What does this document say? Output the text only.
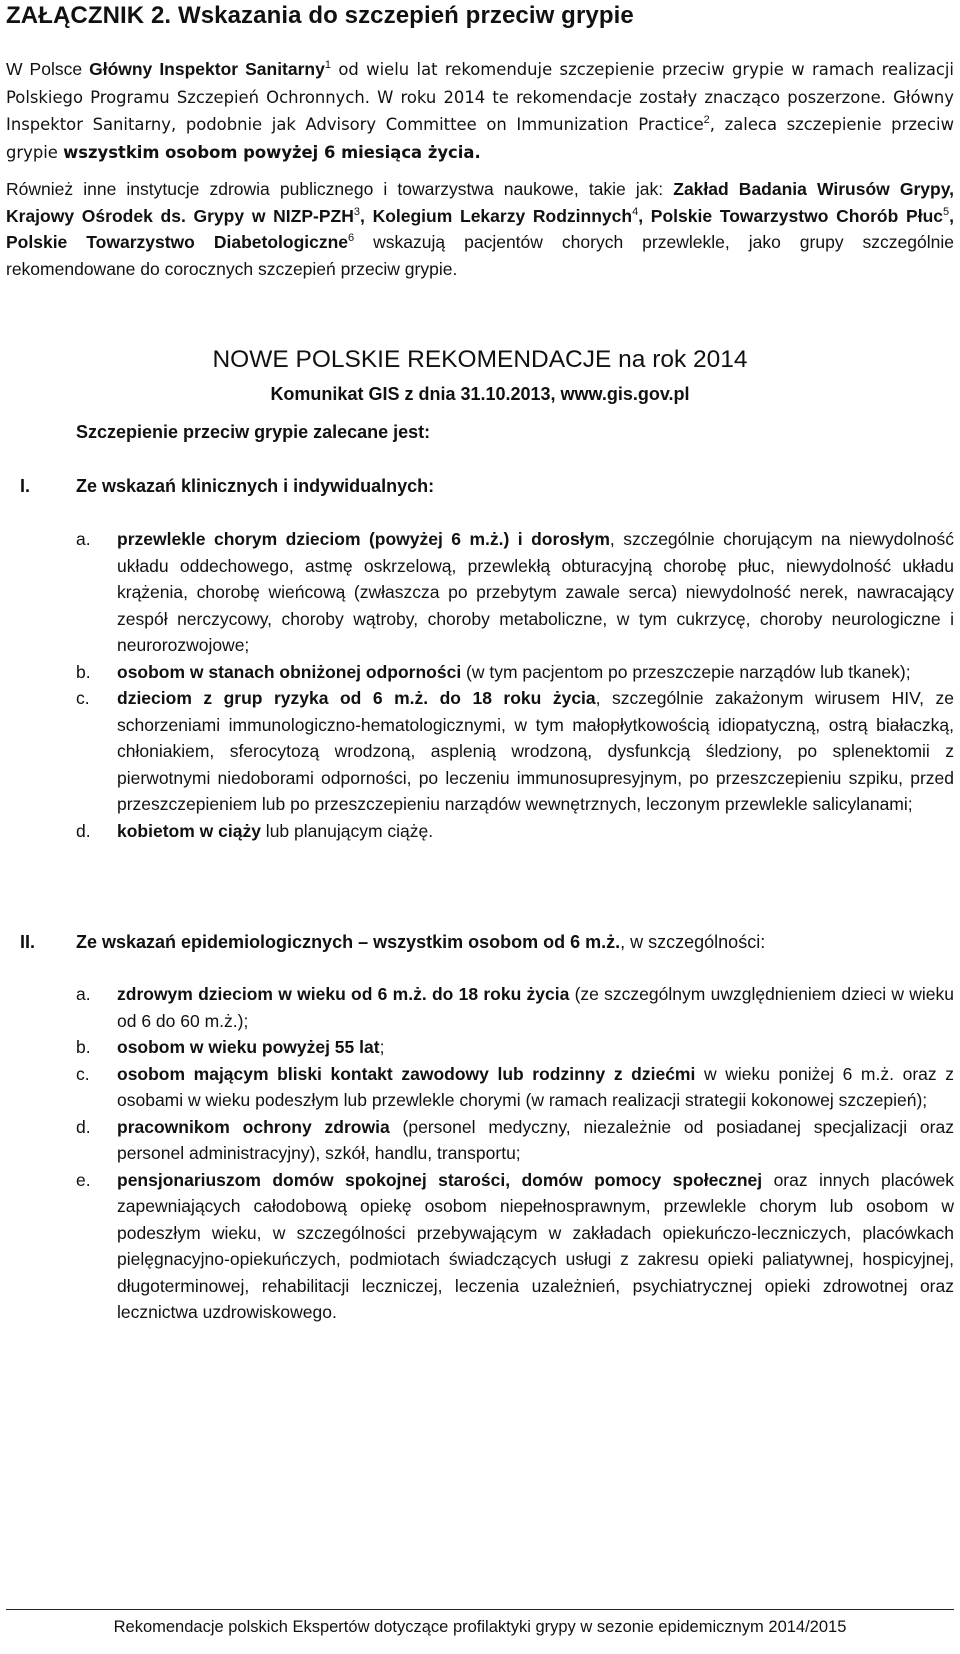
ZAŁĄCZNIK 2. Wskazania do szczepień przeciw grypie

W Polsce Główny Inspektor Sanitarny$^1$ od wielu lat rekomenduje szczepienie przeciw grypie w ramach realizacji Polskiego Programu Szczepień Ochronnych. W roku 2014 te rekomendacje zostały znacząco poszerzone. Główny Inspektor Sanitarny, podobnie jak Advisory Committee on Immunization Practice$^2$, zaleca szczepienie przeciw grypie wszystkim osobom powyżej 6 miesiąca życia.

Również inne instytucje zdrowia publicznego i towarzystwa naukowe, takie jak: Zakład Badania Wirusów Grypy, Krajowy Ośrodek ds. Grypy w NIZP-PZH$^3$, Kolegium Lekarzy Rodzinnych$^4$, Polskie Towarzystwo Chorób Płuc$^5$, Polskie Towarzystwo Diabetologiczne$^6$ wskazują pacjentów chorych przewlekle, jako grupy szczególnie rekomendowane do corocznych szczepień przeciw grypie.

NOWE POLSKIE REKOMENDACJE na rok 2014
Komunikat GIS z dnia 31.10.2013, www.gis.gov.pl
Szczepienie przeciw grypie zalecane jest:
I.	Ze wskazań klinicznych i indywidualnych:
a. przewlekle chorym dzieciom (powyżej 6 m.ż.) i dorosłym, szczególnie chorującym na niewydolność układu oddechowego, astmę oskrzelową, przewlekłą obturacyjną chorobę płuc, niewydolność układu krążenia, chorobę wieńcową (zwłaszcza po przebytym zawale serca) niewydolność nerek, nawracający zespół nerczycowy, choroby wątroby, choroby metaboliczne, w tym cukrzycę, choroby neurologiczne i neurorozwojowe;
b. osobom w stanach obniżonej odporności (w tym pacjentom po przeszczepie narządów lub tkanek);
c. dzieciom z grup ryzyka od 6 m.ż. do 18 roku życia, szczególnie zakażonym wirusem HIV, ze schorzeniami immunologiczno-hematologicznymi, w tym małopłytkowością idiopatyczną, ostrą białaczką, chłoniakiem, sferocytozą wrodzoną, asplenią wrodzoną, dysfunkcją śledziony, po splenektomii z pierwotnymi niedoborami odporności, po leczeniu immunosupresyjnym, po przeszczepieniu szpiku, przed przeszczepieniem lub po przeszczepieniu narządów wewnętrznych, leczonym przewlekle salicylanami;
d. kobietom w ciąży lub planującym ciążę.
II.	Ze wskazań epidemiologicznych – wszystkim osobom od 6 m.ż., w szczególności:
a. zdrowym dzieciom w wieku od 6 m.ż. do 18 roku życia (ze szczególnym uwzględnieniem dzieci w wieku od 6 do 60 m.ż.);
b. osobom w wieku powyżej 55 lat;
c. osobom mającym bliski kontakt zawodowy lub rodzinny z dziećmi w wieku poniżej 6 m.ż. oraz z osobami w wieku podeszłym lub przewlekle chorymi (w ramach realizacji strategii kokonowej szczepień);
d. pracownikom ochrony zdrowia (personel medyczny, niezależnie od posiadanej specjalizacji oraz personel administracyjny), szkół, handlu, transportu;
e. pensjonariuszom domów spokojnej starości, domów pomocy społecznej oraz innych placówek zapewniających całodobową opiekę osobom niepełnosprawnym, przewlekle chorym lub osobom w podeszłym wieku, w szczególności przebywającym w zakładach opiekuńczo-leczniczych, placówkach pielęgnacyjno-opiekuńczych, podmiotach świadczących usługi z zakresu opieki paliatywnej, hospicyjnej, długoterminowej, rehabilitacji leczniczej, leczenia uzależnień, psychiatrycznej opieki zdrowotnej oraz lecznictwa uzdrowiskowego.
Rekomendacje polskich Ekspertów dotyczące profilaktyki grypy w sezonie epidemicznym 2014/2015
